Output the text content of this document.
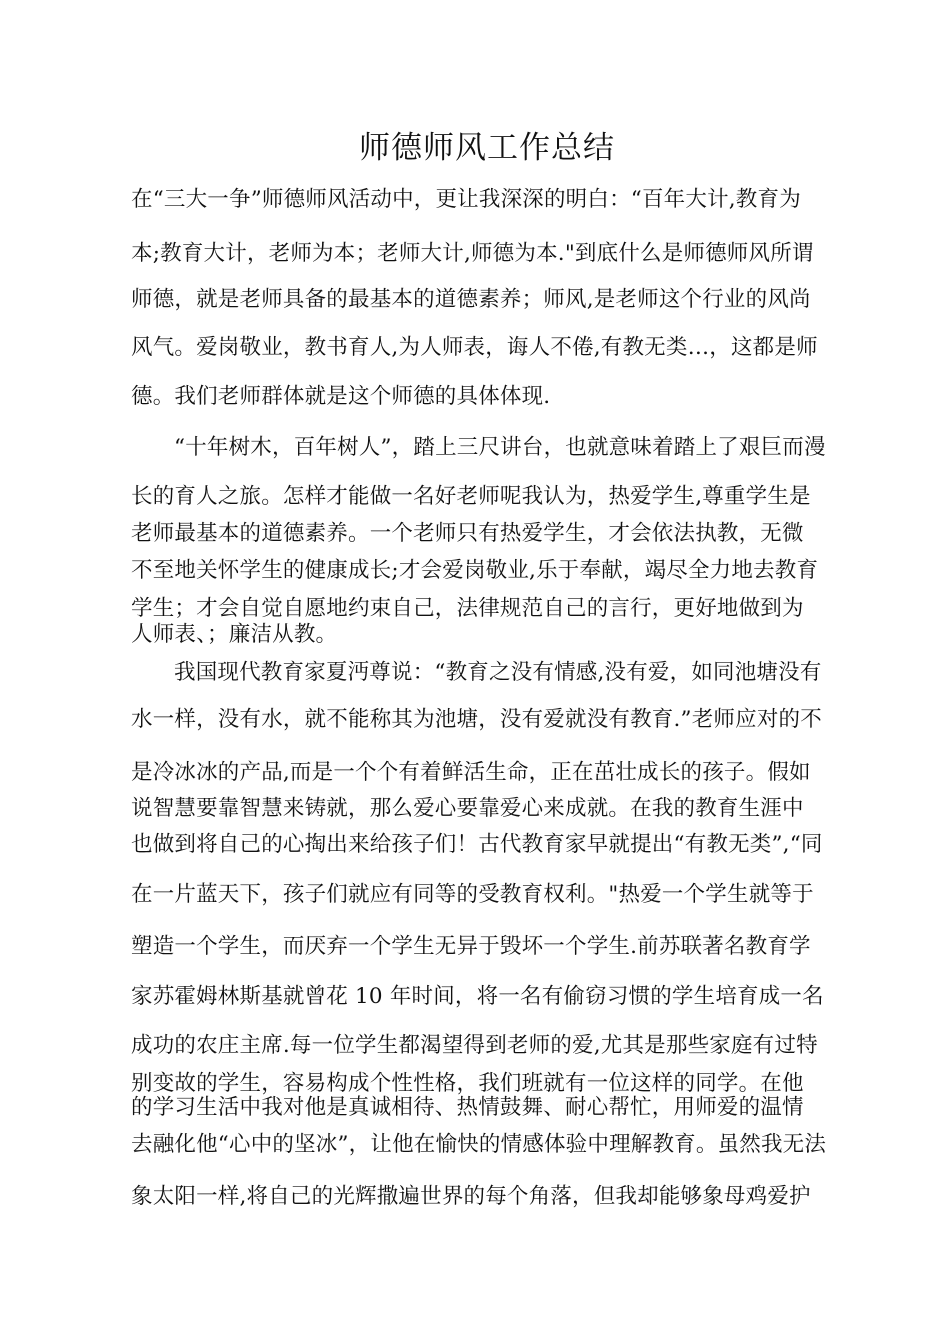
师德师风工作总结
在“三大一争”师德师风活动中，更让我深深的明白：“百年大计,教育为
本;教育大计，老师为本；老师大计,师德为本."到底什么是师德师风所谓
师德，就是老师具备的最基本的道德素养；师风,是老师这个行业的风尚
风气。爱岗敬业，教书育人,为人师表，诲人不倦,有教无类…，这都是师
德。我们老师群体就是这个师德的具体体现.
“十年树木，百年树人”，踏上三尺讲台，也就意味着踏上了艰巨而漫
长的育人之旅。怎样才能做一名好老师呢我认为，热爱学生,尊重学生是
老师最基本的道德素养。一个老师只有热爱学生，才会依法执教，无微
不至地关怀学生的健康成长;才会爱岗敬业,乐于奉献，竭尽全力地去教育
学生；才会自觉自愿地约束自己，法律规范自己的言行，更好地做到为
人师表、；廉洁从教。
我国现代教育家夏沔尊说：“教育之没有情感,没有爱，如同池塘没有
水一样，没有水，就不能称其为池塘，没有爱就没有教育.”老师应对的不
是冷冰冰的产品,而是一个个有着鲜活生命，正在茁壮成长的孩子。假如
说智慧要靠智慧来铸就，那么爱心要靠爱心来成就。在我的教育生涯中
也做到将自己的心掏出来给孩子们！古代教育家早就提出“有教无类”,“同
在一片蓝天下，孩子们就应有同等的受教育权利。"热爱一个学生就等于
塑造一个学生，而厌弃一个学生无异于毁坏一个学生.前苏联著名教育学
家苏霍姆林斯基就曾花 10 年时间，将一名有偷窃习惯的学生培育成一名
成功的农庄主席.每一位学生都渴望得到老师的爱,尤其是那些家庭有过特
别变故的学生，容易构成个性性格，我们班就有一位这样的同学。在他
的学习生活中我对他是真诚相待、热情鼓舞、耐心帮忙，用师爱的温情
去融化他“心中的坚冰”，让他在愉快的情感体验中理解教育。虽然我无法
象太阳一样,将自己的光辉撒遍世界的每个角落，但我却能够象母鸡爱护
